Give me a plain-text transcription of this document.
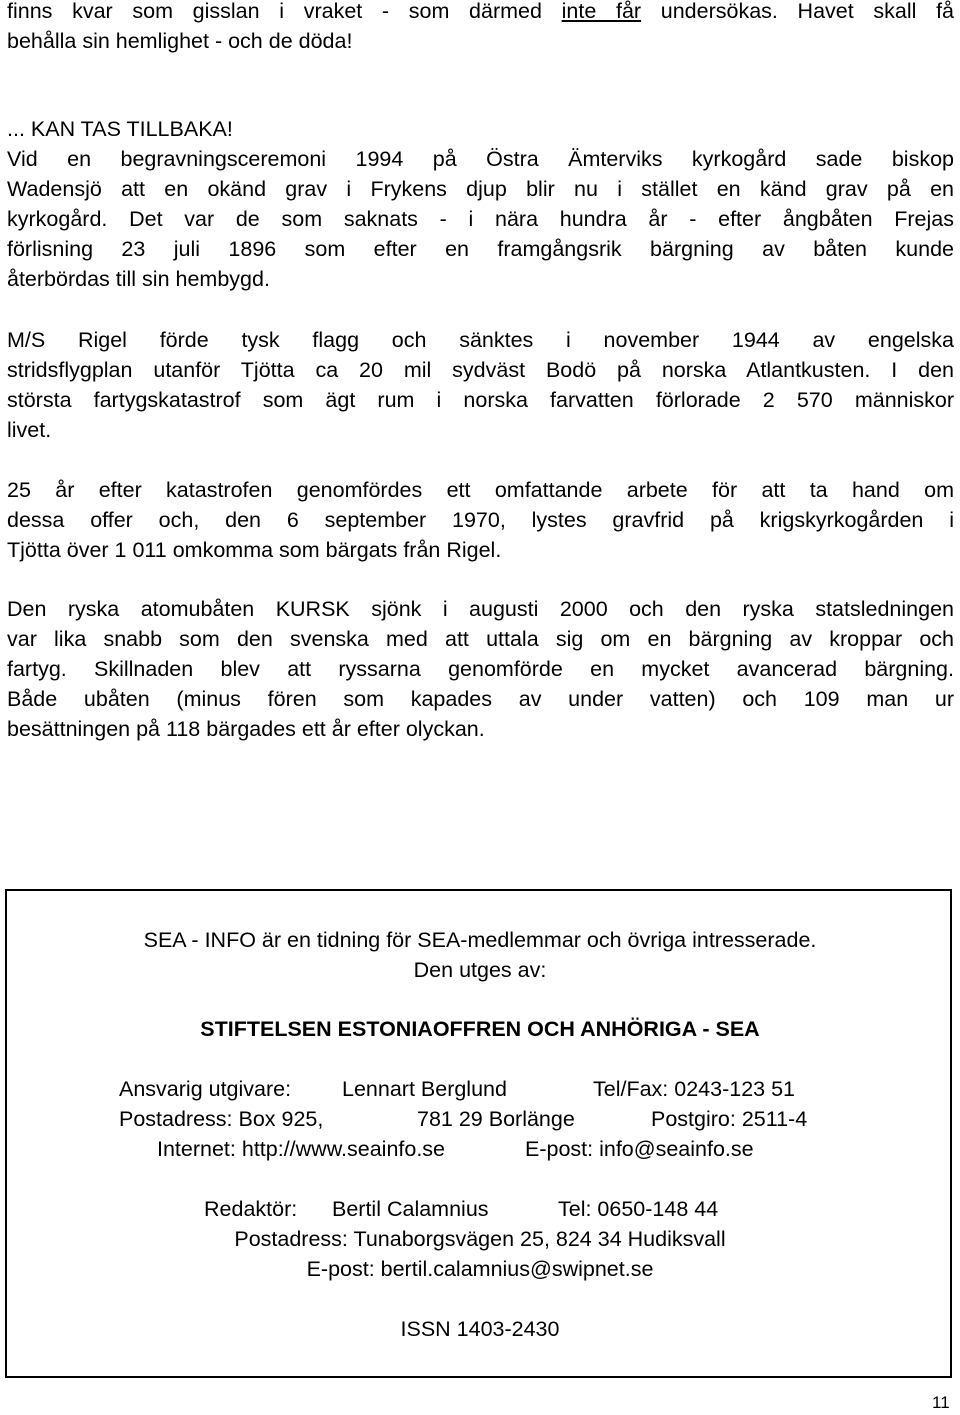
finns kvar som gisslan i vraket - som därmed inte får undersökas. Havet skall få
behålla sin hemlighet - och de döda!
... KAN TAS TILLBAKA!
Vid en begravningsceremoni 1994 på Östra Ämterviks kyrkogård sade biskop
Wadensjö att en okänd grav i Frykens djup blir nu i stället en känd grav på en
kyrkogård. Det var de som saknats - i nära hundra år - efter ångbåten Frejas
förlisning 23 juli 1896 som efter en framgångsrik bärgning av båten kunde
återbördas till sin hembygd.
M/S Rigel förde tysk flagg och sänktes i november 1944 av engelska
stridsflygplan utanför Tjötta ca 20 mil sydväst Bodö på norska Atlantkusten. I den
största fartygskatastrof som ägt rum i norska farvatten förlorade 2 570 människor
livet.
25 år efter katastrofen genomfördes ett omfattande arbete för att ta hand om
dessa offer och, den 6 september 1970, lystes gravfrid på krigskyrkogården i
Tjötta över 1 011 omkomma som bärgats från Rigel.
Den ryska atomubåten KURSK sjönk i augusti 2000 och den ryska statsledningen
var lika snabb som den svenska med att uttala sig om en bärgning av kroppar och
fartyg. Skillnaden blev att ryssarna genomförde en mycket avancerad bärgning.
Både ubåten (minus fören som kapades av under vatten) och 109 man ur
besättningen på 118 bärgades ett år efter olyckan.
SEA - INFO är en tidning för SEA-medlemmar och övriga intresserade.
Den utges av:
STIFTELSEN ESTONIAOFFREN OCH ANHÖRIGA - SEA
Ansvarig utgivare: Lennart Berglund	Tel/Fax: 0243-123 51
Postadress: Box 925,	781 29 Borlänge	Postgiro: 2511-4
Internet: http://www.seainfo.se	E-post: info@seainfo.se
Redaktör: Bertil Calamnius	Tel: 0650-148 44
Postadress: Tunaborgsvägen 25, 824 34 Hudiksvall
E-post: bertil.calamnius@swipnet.se
ISSN 1403-2430
11
